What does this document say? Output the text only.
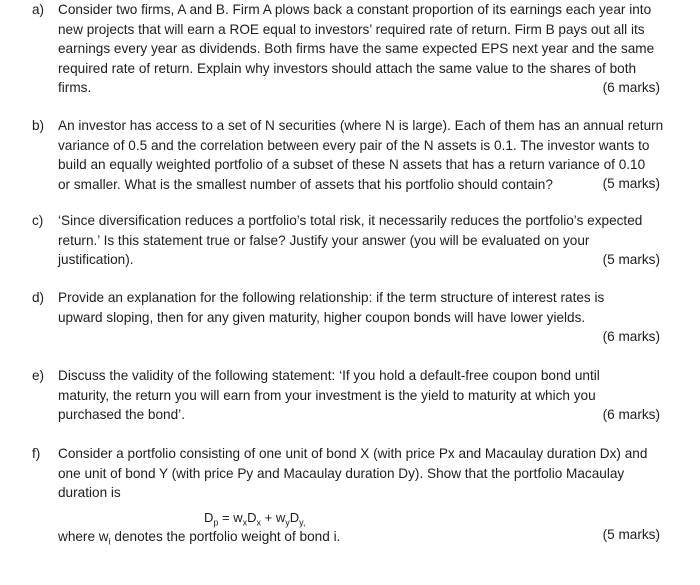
a) Consider two firms, A and B. Firm A plows back a constant proportion of its earnings each year into
new projects that will earn a ROE equal to investors’ required rate of return. Firm B pays out all its
earnings every year as dividends. Both firms have the same expected EPS next year and the same
required rate of return. Explain why investors should attach the same value to the shares of both
firms.	(6 marks)
b) An investor has access to a set of N securities (where N is large). Each of them has an annual return
variance of 0.5 and the correlation between every pair of the N assets is 0.1. The investor wants to
build an equally weighted portfolio of a subset of these N assets that has a return variance of 0.10
or smaller. What is the smallest number of assets that his portfolio should contain?	(5 marks)
c) ‘Since diversification reduces a portfolio’s total risk, it necessarily reduces the portfolio’s expected
return.’ Is this statement true or false? Justify your answer (you will be evaluated on your
justification).	(5 marks)
d) Provide an explanation for the following relationship: if the term structure of interest rates is
upward sloping, then for any given maturity, higher coupon bonds will have lower yields.
(6 marks)
e) Discuss the validity of the following statement: ‘If you hold a default-free coupon bond until
maturity, the return you will earn from your investment is the yield to maturity at which you
purchased the bond’.	(6 marks)
f) Consider a portfolio consisting of one unit of bond X (with price Px and Macaulay duration Dx) and
one unit of bond Y (with price Py and Macaulay duration Dy). Show that the portfolio Macaulay
duration is
$D_p = w_xD_x + w_yD_{y,}$
where $w_i$ denotes the portfolio weight of bond i.	(5 marks)
